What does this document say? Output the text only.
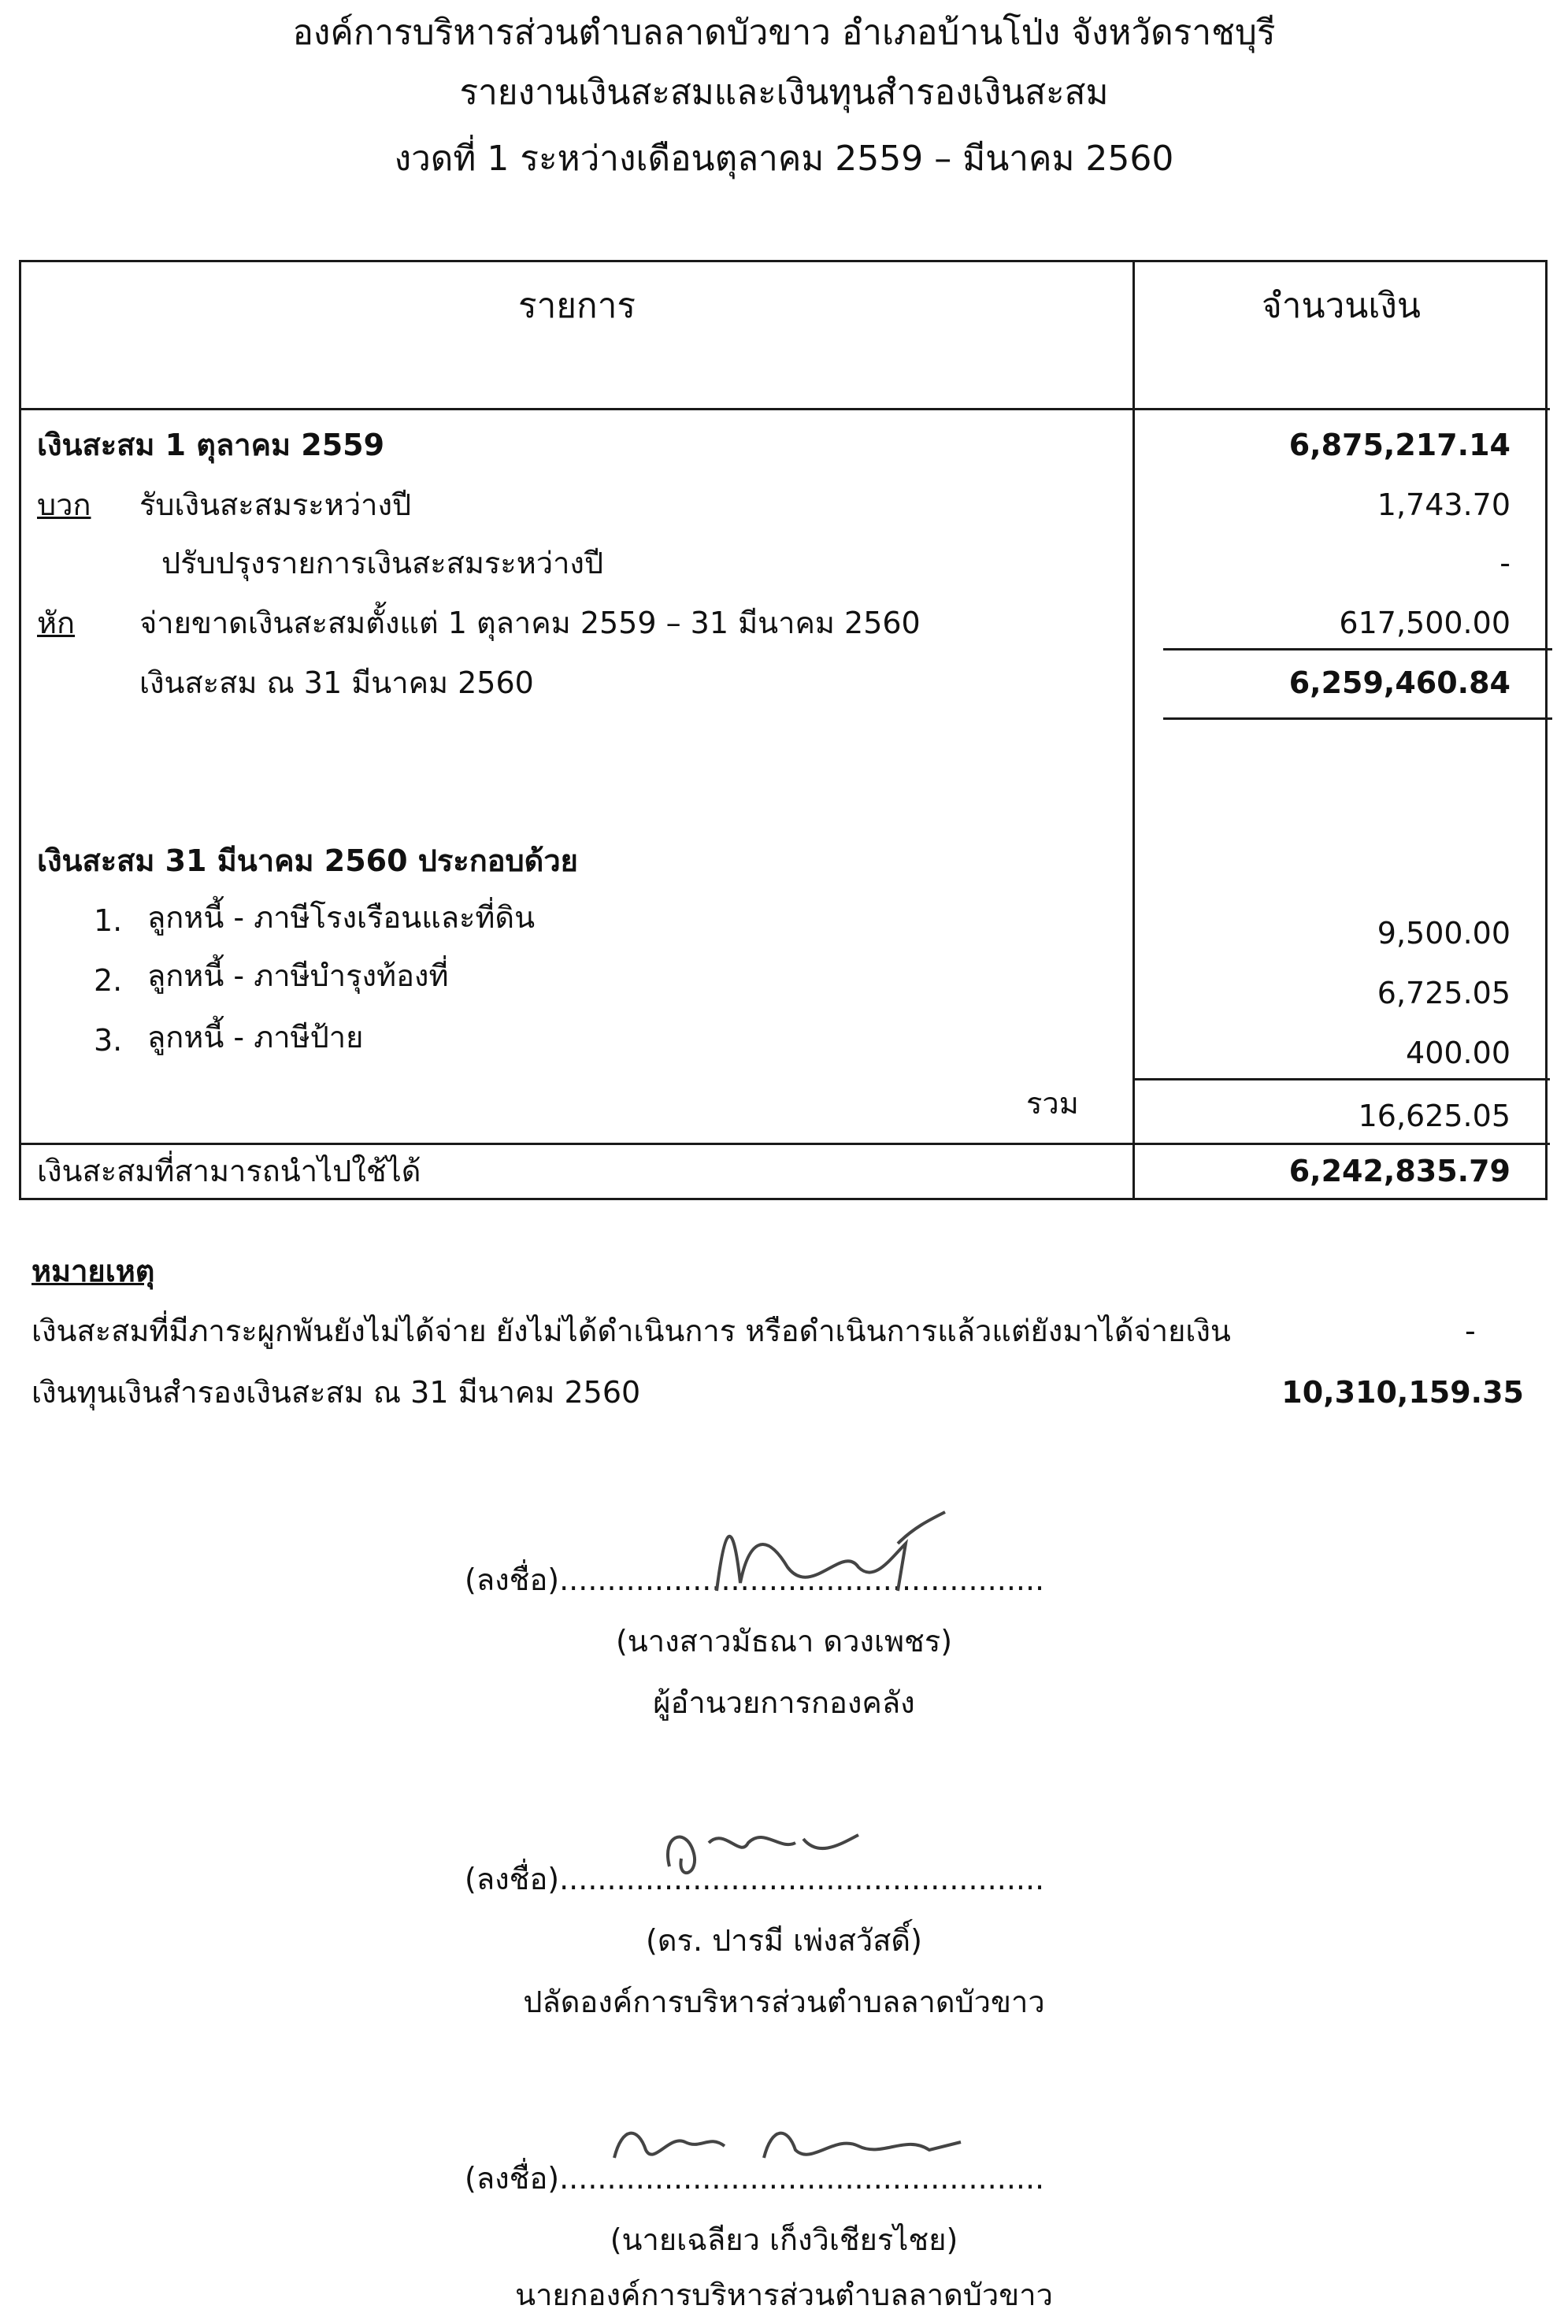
องค์การบริหารส่วนตำบลลาดบัวขาว อำเภอบ้านโป่ง จังหวัดราชบุรี
รายงานเงินสะสมและเงินทุนสำรองเงินสะสม
งวดที่ 1 ระหว่างเดือนตุลาคม 2559 – มีนาคม 2560
รายการ	จำนวนเงิน
เงินสะสม 1 ตุลาคม 2559	6,875,217.14
บวก รับเงินสะสมระหว่างปี	1,743.70
ปรับปรุงรายการเงินสะสมระหว่างปี	-
หัก จ่ายขาดเงินสะสมตั้งแต่ 1 ตุลาคม 2559 – 31 มีนาคม 2560	617,500.00
เงินสะสม ณ 31 มีนาคม 2560	6,259,460.84
เงินสะสม 31 มีนาคม 2560 ประกอบด้วย
1. ลูกหนี้ - ภาษีโรงเรือนและที่ดิน	9,500.00
2. ลูกหนี้ - ภาษีบำรุงท้องที่	6,725.05
3. ลูกหนี้ - ภาษีป้าย	400.00
รวม	16,625.05
เงินสะสมที่สามารถนำไปใช้ได้	6,242,835.79
หมายเหตุ
เงินสะสมที่มีภาระผูกพันยังไม่ได้จ่าย ยังไม่ได้ดำเนินการ หรือดำเนินการแล้วแต่ยังมาได้จ่ายเงิน	-
เงินทุนเงินสำรองเงินสะสม ณ 31 มีนาคม 2560	10,310,159.35
(ลงชื่อ)...................................................
(นางสาวมัธณา ดวงเพชร)
ผู้อำนวยการกองคลัง
(ลงชื่อ)...................................................
(ดร. ปารมี เพ่งสวัสดิ์)
ปลัดองค์การบริหารส่วนตำบลลาดบัวขาว
(ลงชื่อ)...................................................
(นายเฉลียว เก็งวิเชียรไชย)
นายกองค์การบริหารส่วนตำบลลาดบัวขาว
